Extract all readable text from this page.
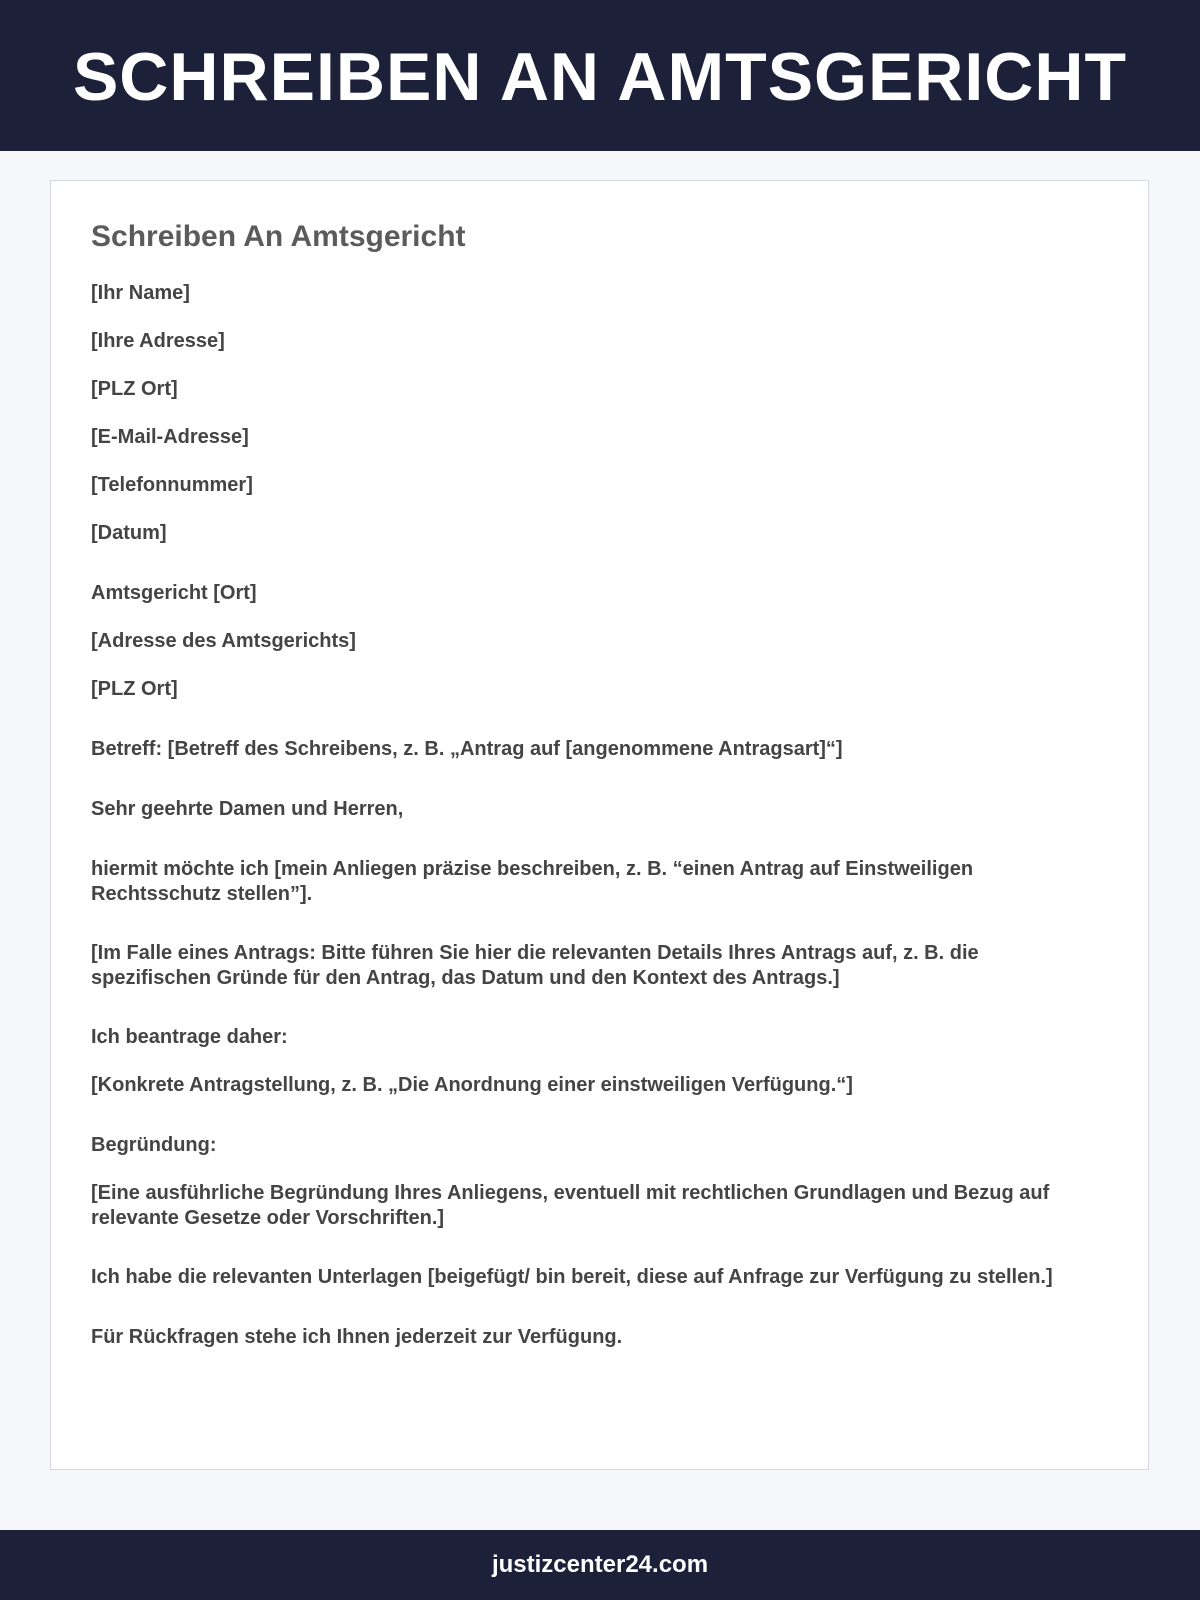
SCHREIBEN AN AMTSGERICHT
Schreiben An Amtsgericht

[Ihr Name]

[Ihre Adresse]

[PLZ Ort]

[E-Mail-Adresse]

[Telefonnummer]

[Datum]

Amtsgericht [Ort]

[Adresse des Amtsgerichts]

[PLZ Ort]

Betreff: [Betreff des Schreibens, z. B. „Antrag auf [angenommene Antragsart]“]

Sehr geehrte Damen und Herren,

hiermit möchte ich [mein Anliegen präzise beschreiben, z. B. “einen Antrag auf Einstweiligen Rechtsschutz stellen”].

[Im Falle eines Antrags: Bitte führen Sie hier die relevanten Details Ihres Antrags auf, z. B. die spezifischen Gründe für den Antrag, das Datum und den Kontext des Antrags.]

Ich beantrage daher:

[Konkrete Antragstellung, z. B. „Die Anordnung einer einstweiligen Verfügung.“]

Begründung:

[Eine ausführliche Begründung Ihres Anliegens, eventuell mit rechtlichen Grundlagen und Bezug auf relevante Gesetze oder Vorschriften.]

Ich habe die relevanten Unterlagen [beigefügt/ bin bereit, diese auf Anfrage zur Verfügung zu stellen.]

Für Rückfragen stehe ich Ihnen jederzeit zur Verfügung.

justizcenter24.com
